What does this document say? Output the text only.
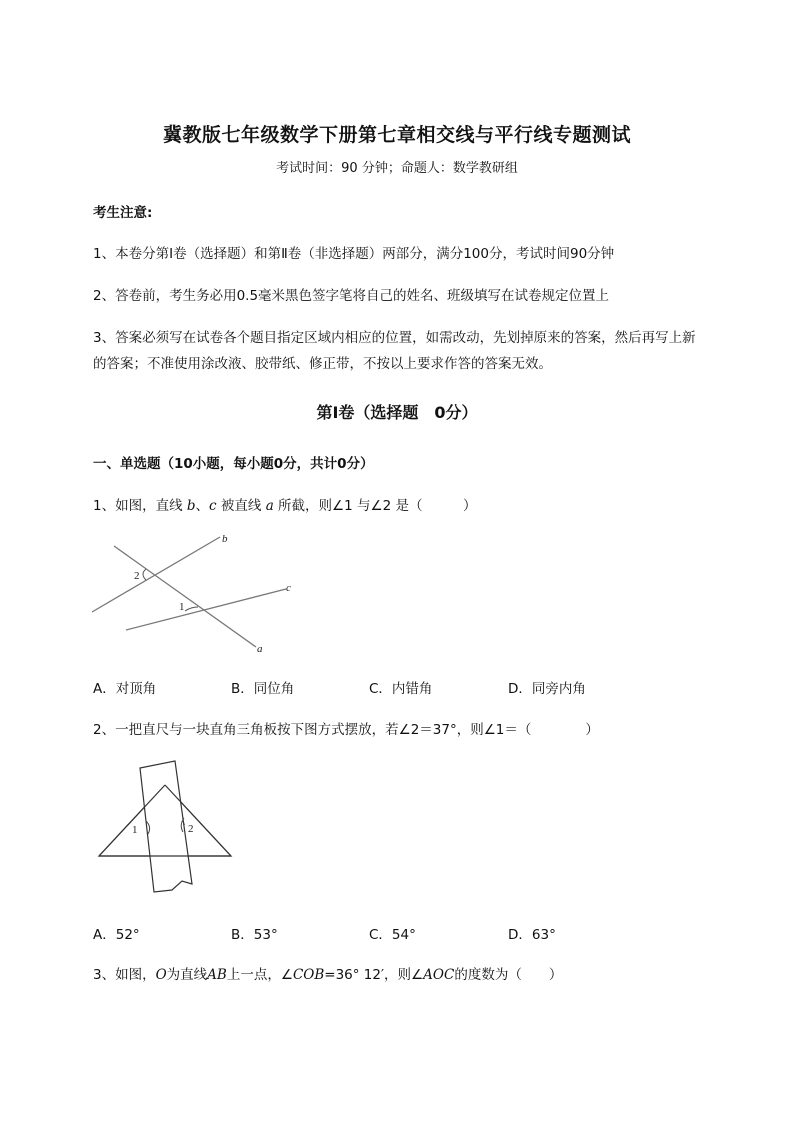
冀教版七年级数学下册第七章相交线与平行线专题测试
考试时间：90 分钟；命题人：数学教研组
考生注意:
1、本卷分第Ⅰ卷（选择题）和第Ⅱ卷（非选择题）两部分，满分100分，考试时间90分钟
2、答卷前，考生务必用0.5毫米黑色签字笔将自己的姓名、班级填写在试卷规定位置上
3、答案必须写在试卷各个题目指定区域内相应的位置，如需改动，先划掉原来的答案，然后再写上新
的答案；不准使用涂改液、胶带纸、修正带，不按以上要求作答的答案无效。
第Ⅰ卷（选择题　0分）
一、单选题（10小题，每小题0分，共计0分）
1、如图，直线 b、c 被直线 a 所截，则∠1 与∠2 是（　　　）
b
c
a
2
1
A．对顶角	B．同位角	C．内错角	D．同旁内角
2、一把直尺与一块直角三角板按下图方式摆放，若∠2＝37°，则∠1＝（　　　　）
1	2
A．52°	B．53°	C．54°	D．63°
3、如图，O为直线AB上一点，∠COB=36° 12′，则∠AOC的度数为（　　）
